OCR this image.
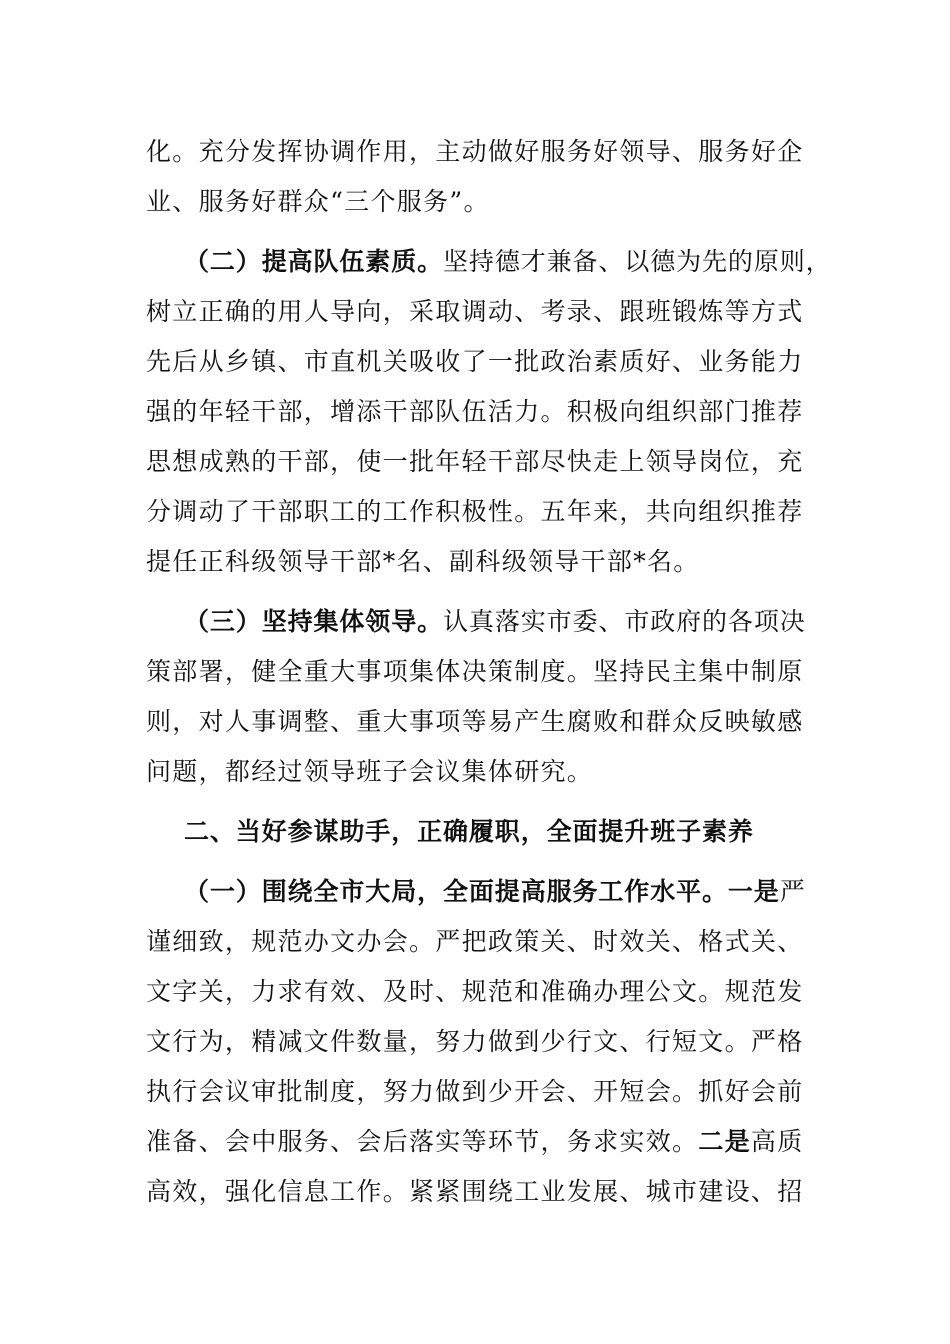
化。充分发挥协调作用，主动做好服务好领导、服务好企
业、服务好群众“三个服务”。
（二）提高队伍素质。坚持德才兼备、以德为先的原则，
树立正确的用人导向，采取调动、考录、跟班锻炼等方式
先后从乡镇、市直机关吸收了一批政治素质好、业务能力
强的年轻干部，增添干部队伍活力。积极向组织部门推荐
思想成熟的干部，使一批年轻干部尽快走上领导岗位，充
分调动了干部职工的工作积极性。五年来，共向组织推荐
提任正科级领导干部*名、副科级领导干部*名。
（三）坚持集体领导。认真落实市委、市政府的各项决
策部署，健全重大事项集体决策制度。坚持民主集中制原
则，对人事调整、重大事项等易产生腐败和群众反映敏感
问题，都经过领导班子会议集体研究。
二、当好参谋助手，正确履职，全面提升班子素养
（一）围绕全市大局，全面提高服务工作水平。一是严
谨细致，规范办文办会。严把政策关、时效关、格式关、
文字关，力求有效、及时、规范和准确办理公文。规范发
文行为，精减文件数量，努力做到少行文、行短文。严格
执行会议审批制度，努力做到少开会、开短会。抓好会前
准备、会中服务、会后落实等环节，务求实效。二是高质
高效，强化信息工作。紧紧围绕工业发展、城市建设、招
